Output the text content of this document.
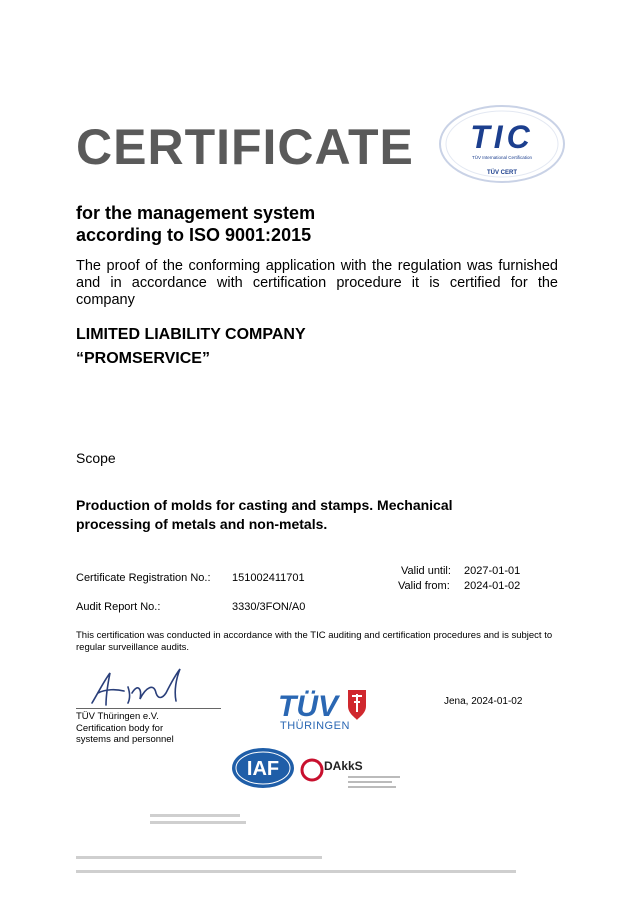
CERTIFICATE TIC
TÜV International Certification
TÜV CERT
for the management system
according to ISO 9001:2015
The proof of the conforming application with the regulation was furnished and in accordance with certification procedure it is certified for the company
LIMITED LIABILITY COMPANY
“PROMSERVICE”
Scope
Production of molds for casting and stamps. Mechanical
processing of metals and non-metals.
Certificate Registration No.: 151002411701
Valid until: 2027-01-01
Valid from: 2024-01-02
Audit Report No.:	3330/3FON/A0
This certification was conducted in accordance with the TIC auditing and certification procedures and is subject to regular surveillance audits.
TÜV Thüringen e.V.
Certification body for
systems and personnel
TÜV
THÜRINGEN
Jena, 2024-01-02
IAF	DAkkS
